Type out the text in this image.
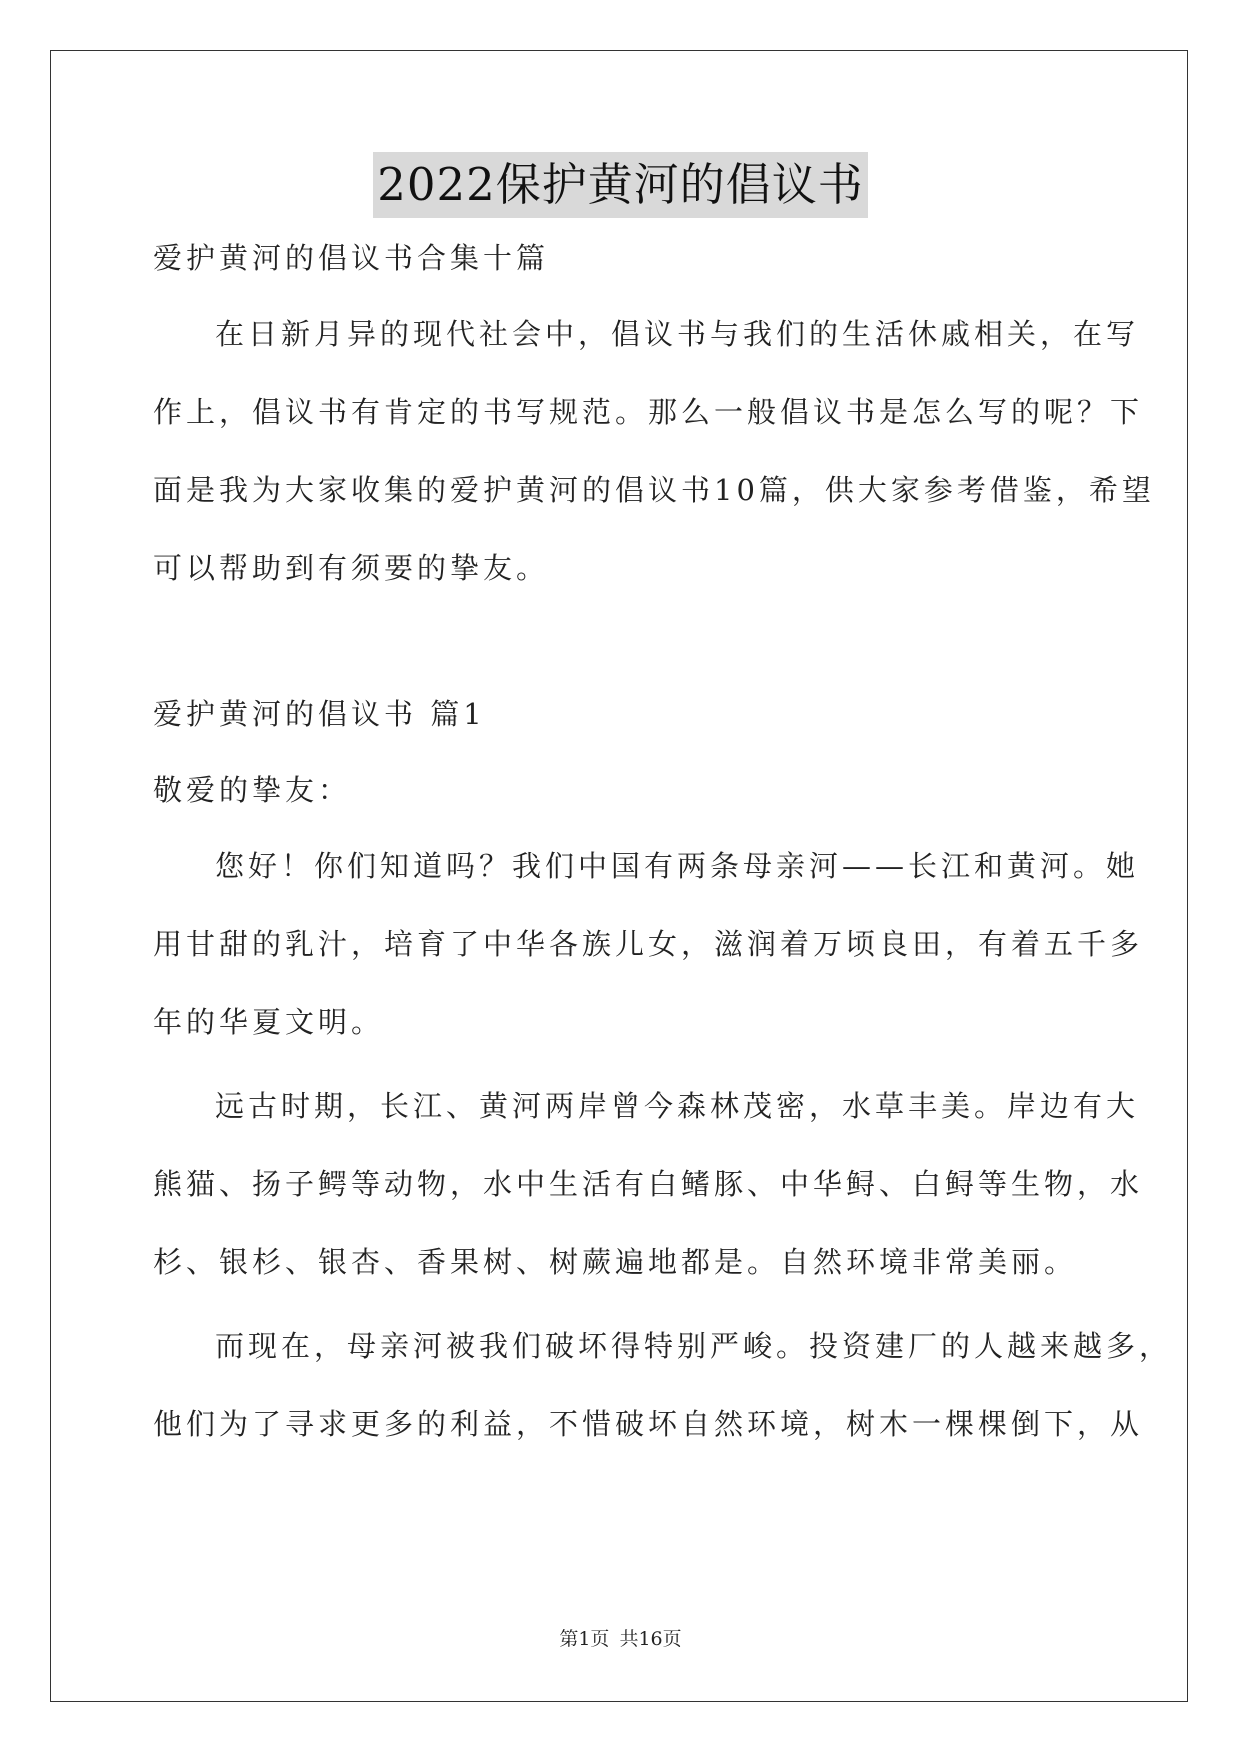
2022保护黄河的倡议书
爱护黄河的倡议书合集十篇
在日新月异的现代社会中，倡议书与我们的生活休戚相关，在写
作上，倡议书有肯定的书写规范。那么一般倡议书是怎么写的呢？下
面是我为大家收集的爱护黄河的倡议书10篇，供大家参考借鉴，希望
可以帮助到有须要的挚友。
爱护黄河的倡议书 篇1
敬爱的挚友：
您好！你们知道吗？我们中国有两条母亲河——长江和黄河。她
用甘甜的乳汁，培育了中华各族儿女，滋润着万顷良田，有着五千多
年的华夏文明。
远古时期，长江、黄河两岸曾今森林茂密，水草丰美。岸边有大
熊猫、扬子鳄等动物，水中生活有白鳍豚、中华鲟、白鲟等生物，水
杉、银杉、银杏、香果树、树蕨遍地都是。自然环境非常美丽。
而现在，母亲河被我们破坏得特别严峻。投资建厂的人越来越多，
他们为了寻求更多的利益，不惜破坏自然环境，树木一棵棵倒下，从
第1页 共16页
